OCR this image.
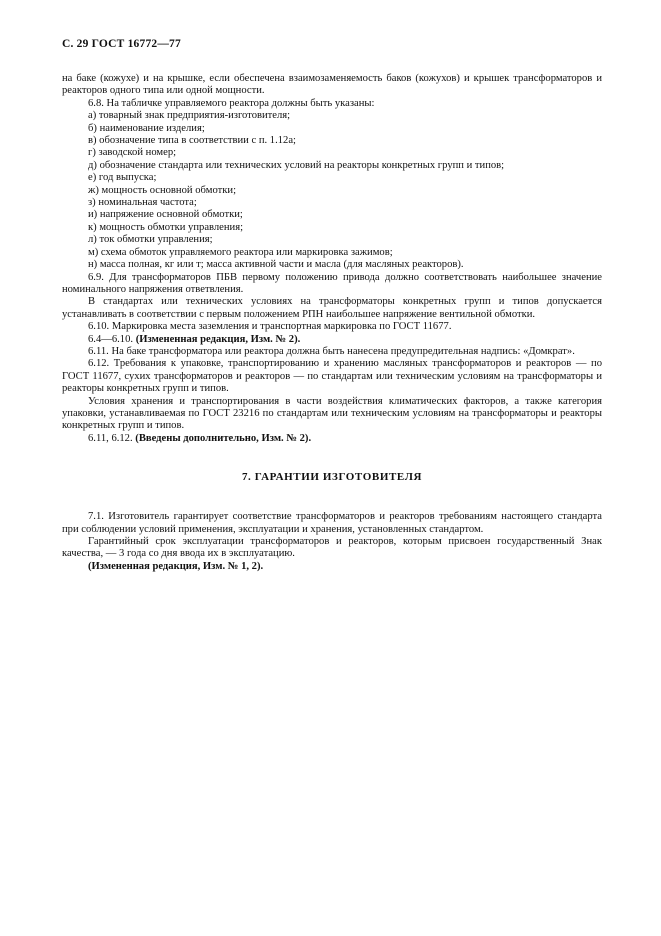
С. 29 ГОСТ 16772—77

на баке (кожухе) и на крышке, если обеспечена взаимозаменяемость баков (кожухов) и крышек трансформаторов и реакторов одного типа или одной мощности.

6.8. На табличке управляемого реактора должны быть указаны:

а) товарный знак предприятия-изготовителя;

б) наименование изделия;

в) обозначение типа в соответствии с п. 1.12а;

г) заводской номер;

д) обозначение стандарта или технических условий на реакторы конкретных групп и типов;

е) год выпуска;

ж) мощность основной обмотки;

з) номинальная частота;

и) напряжение основной обмотки;

к) мощность обмотки управления;

л) ток обмотки управления;

м) схема обмоток управляемого реактора или маркировка зажимов;

н) масса полная, кг или т; масса активной части и масла (для масляных реакторов).

6.9. Для трансформаторов ПБВ первому положению привода должно соответствовать наибольшее значение номинального напряжения ответвления.

В стандартах или технических условиях на трансформаторы конкретных групп и типов допускается устанавливать в соответствии с первым положением РПН наибольшее напряжение вентильной обмотки.

6.10. Маркировка места заземления и транспортная маркировка по ГОСТ 11677.

6.4—6.10. (Измененная редакция, Изм. № 2).

6.11. На баке трансформатора или реактора должна быть нанесена предупредительная надпись: «Домкрат».

6.12. Требования к упаковке, транспортированию и хранению масляных трансформаторов и реакторов — по ГОСТ 11677, сухих трансформаторов и реакторов — по стандартам или техническим условиям на трансформаторы и реакторы конкретных групп и типов.

Условия хранения и транспортирования в части воздействия климатических факторов, а также категория упаковки, устанавливаемая по ГОСТ 23216 по стандартам или техническим условиям на трансформаторы и реакторы конкретных групп и типов.

6.11, 6.12. (Введены дополнительно, Изм. № 2).

7. ГАРАНТИИ ИЗГОТОВИТЕЛЯ

7.1. Изготовитель гарантирует соответствие трансформаторов и реакторов требованиям настоящего стандарта при соблюдении условий применения, эксплуатации и хранения, установленных стандартом.

Гарантийный срок эксплуатации трансформаторов и реакторов, которым присвоен государственный Знак качества, — 3 года со дня ввода их в эксплуатацию.

(Измененная редакция, Изм. № 1, 2).
